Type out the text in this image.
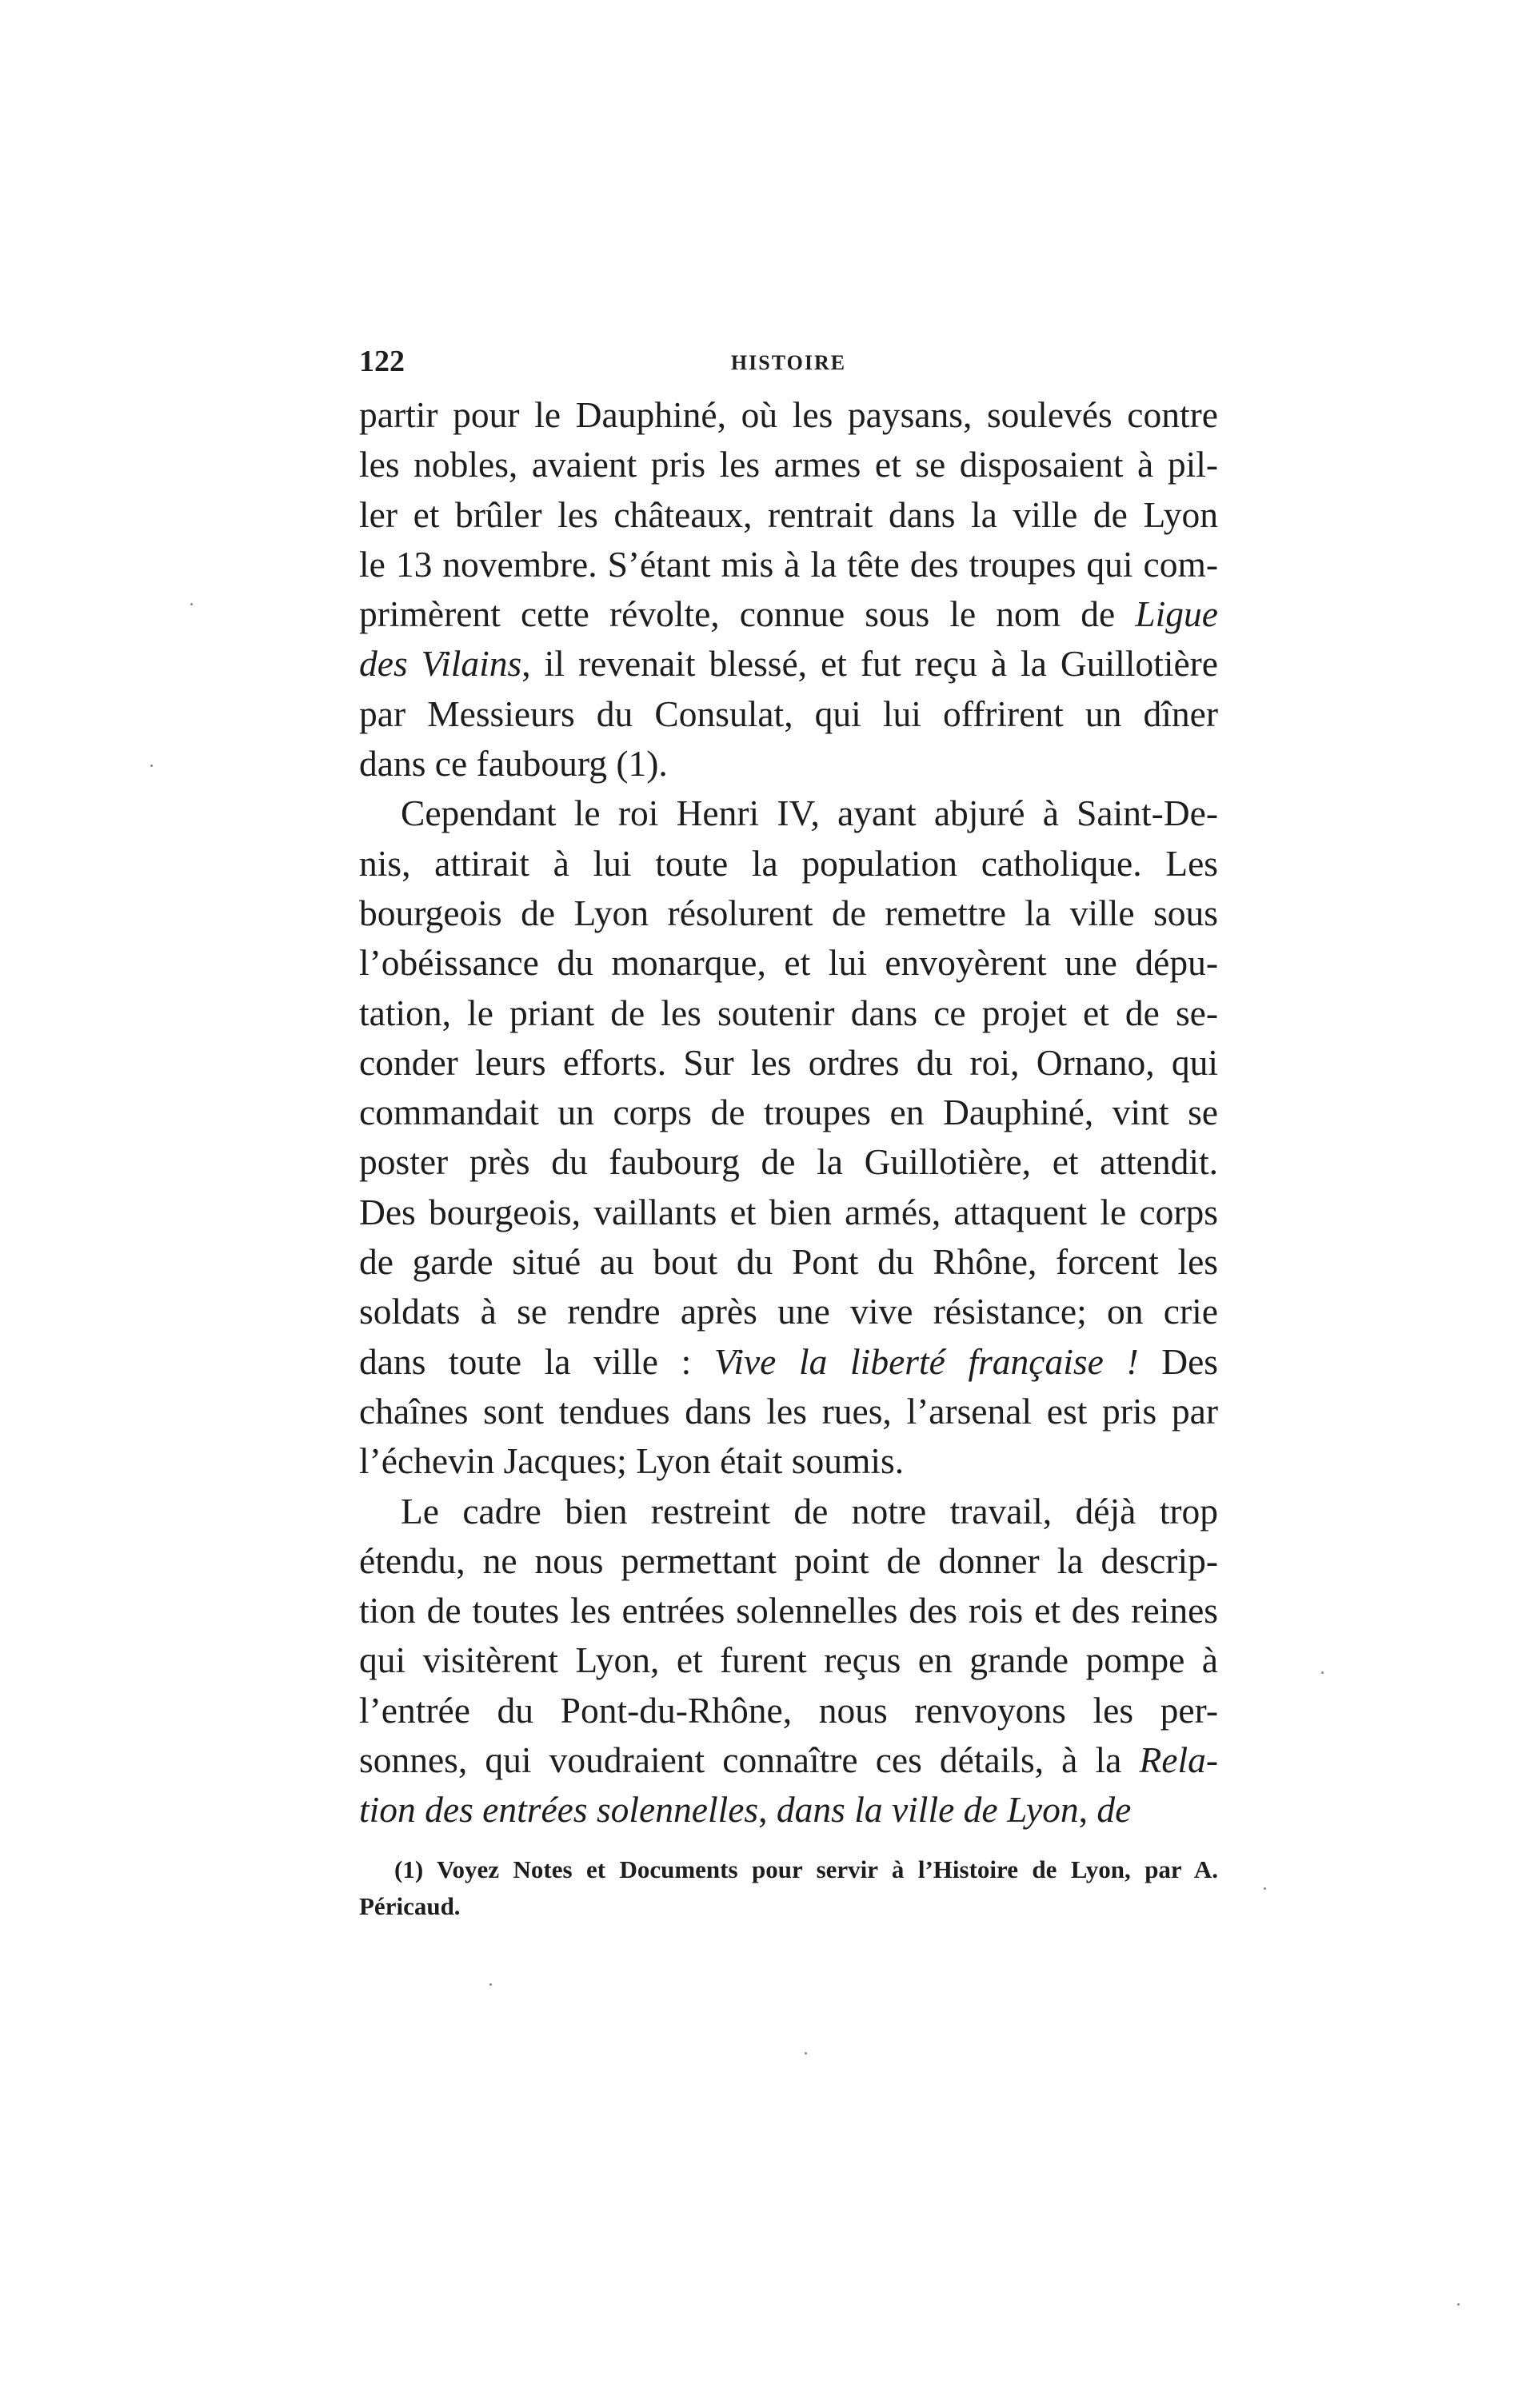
122	HISTOIRE
partir pour le Dauphiné, où les paysans, soulevés contre
les nobles, avaient pris les armes et se disposaient à pil-
ler et brûler les châteaux, rentrait dans la ville de Lyon
le 13 novembre. S’étant mis à la tête des troupes qui com-
primèrent cette révolte, connue sous le nom de Ligue
des Vilains, il revenait blessé, et fut reçu à la Guillotière
par Messieurs du Consulat, qui lui offrirent un dîner
dans ce faubourg (1).
Cependant le roi Henri IV, ayant abjuré à Saint-De-
nis, attirait à lui toute la population catholique. Les
bourgeois de Lyon résolurent de remettre la ville sous
l’obéissance du monarque, et lui envoyèrent une dépu-
tation, le priant de les soutenir dans ce projet et de se-
conder leurs efforts. Sur les ordres du roi, Ornano, qui
commandait un corps de troupes en Dauphiné, vint se
poster près du faubourg de la Guillotière, et attendit.
Des bourgeois, vaillants et bien armés, attaquent le corps
de garde situé au bout du Pont du Rhône, forcent les
soldats à se rendre après une vive résistance; on crie
dans toute la ville : Vive la liberté française ! Des
chaînes sont tendues dans les rues, l’arsenal est pris par
l’échevin Jacques; Lyon était soumis.
Le cadre bien restreint de notre travail, déjà trop
étendu, ne nous permettant point de donner la descrip-
tion de toutes les entrées solennelles des rois et des reines
qui visitèrent Lyon, et furent reçus en grande pompe à
l’entrée du Pont-du-Rhône, nous renvoyons les per-
sonnes, qui voudraient connaître ces détails, à la Rela-
tion des entrées solennelles, dans la ville de Lyon, de
(1) Voyez Notes et Documents pour servir à l’Histoire de Lyon, par A.
Péricaud.
